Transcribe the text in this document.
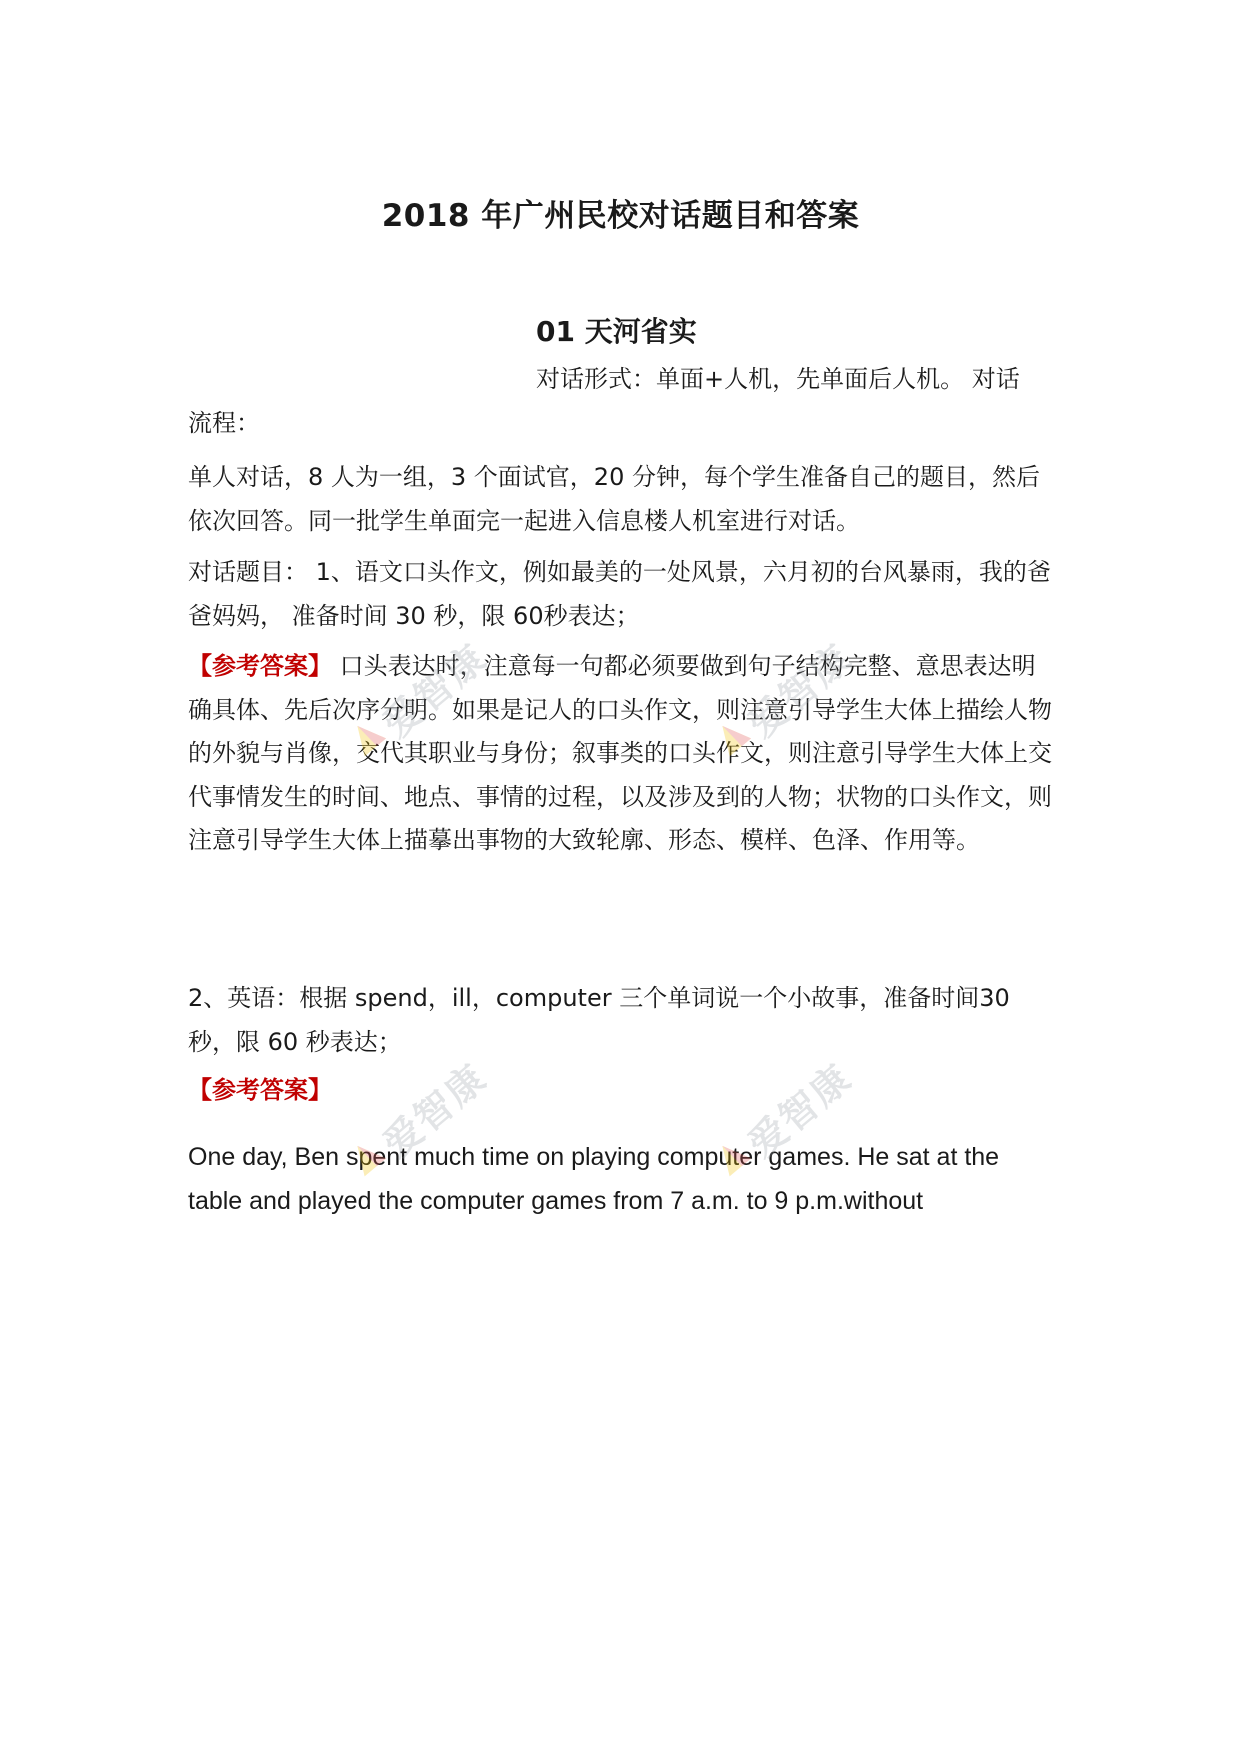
2018 年广州民校对话题目和答案
01 天河省实
对话形式：单面+人机，先单面后人机。 对话

流程：

单人对话，8 人为一组，3 个面试官，20 分钟，每个学生准备自己的题目，然后依次回答。同一批学生单面完一起进入信息楼人机室进行对话。

对话题目： 1、语文口头作文，例如最美的一处风景，六月初的台风暴雨，我的爸爸妈妈， 准备时间 30 秒，限 60秒表达；

【参考答案】 口头表达时，注意每一句都必须要做到句子结构完整、意思表达明确具体、先后次序分明。如果是记人的口头作文，则注意引导学生大体上描绘人物的外貌与肖像，交代其职业与身份；叙事类的口头作文，则注意引导学生大体上交代事情发生的时间、地点、事情的过程，以及涉及到的人物；状物的口头作文，则注意引导学生大体上描摹出事物的大致轮廓、形态、模样、色泽、作用等。

2、英语：根据 spend，ill，computer 三个单词说一个小故事，准备时间30 秒，限 60 秒表达；

【参考答案】

One day, Ben spent much time on playing computer games. He sat at the table and played the computer games from 7 a.m. to 9 p.m.without

爱智康	爱智康
爱智康	爱智康
